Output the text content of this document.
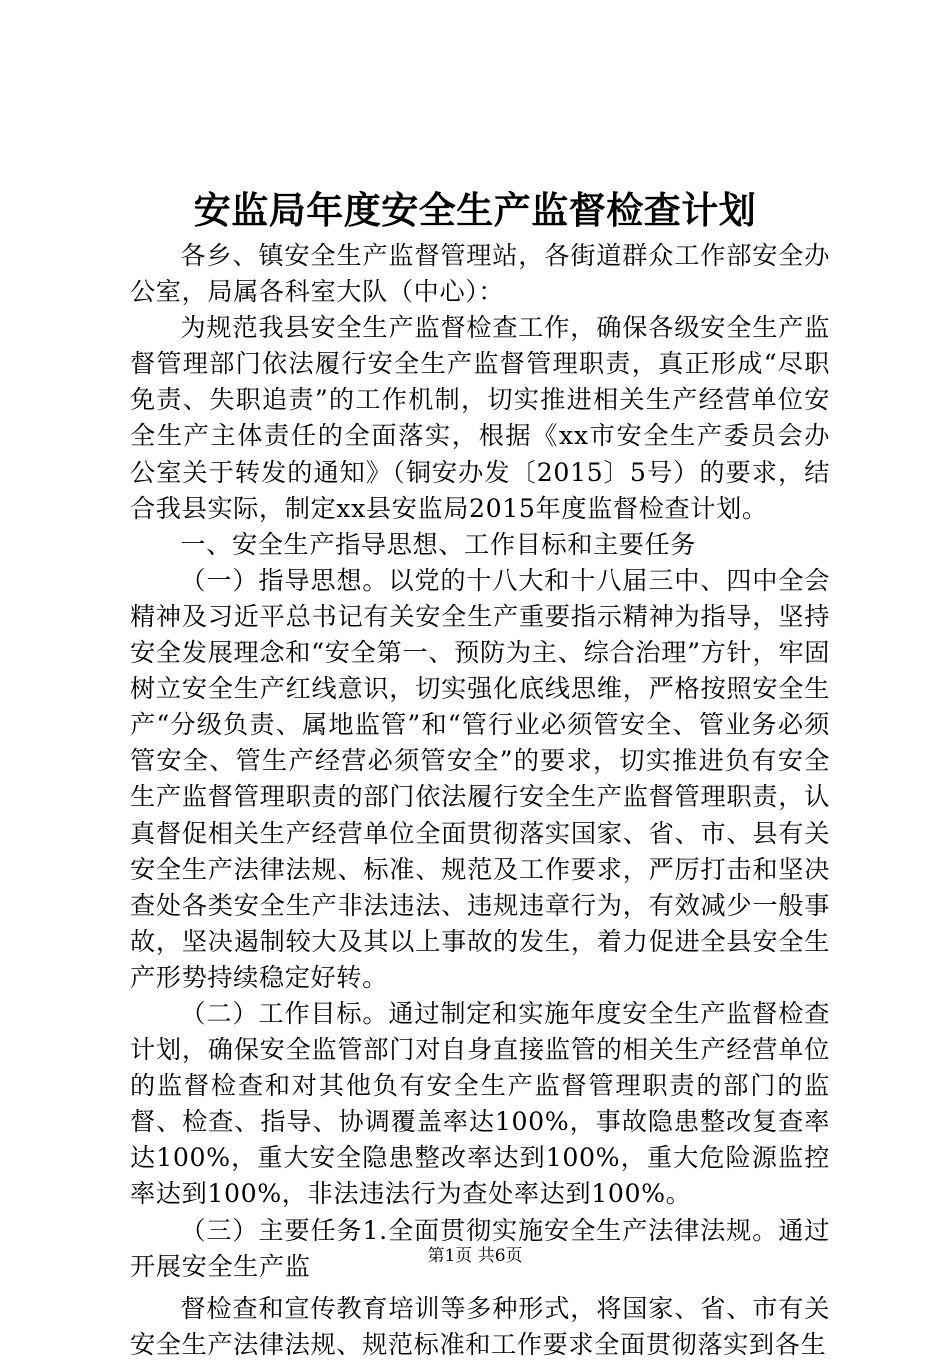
安监局年度安全生产监督检查计划

各乡、镇安全生产监督管理站，各街道群众工作部安全办公室，局属各科室大队（中心）：

为规范我县安全生产监督检查工作，确保各级安全生产监督管理部门依法履行安全生产监督管理职责，真正形成“尽职免责、失职追责”的工作机制，切实推进相关生产经营单位安全生产主体责任的全面落实，根据《xx市安全生产委员会办公室关于转发的通知》（铜安办发〔2015〕5号）的要求，结合我县实际，制定xx县安监局2015年度监督检查计划。

一、安全生产指导思想、工作目标和主要任务

（一）指导思想。以党的十八大和十八届三中、四中全会精神及习近平总书记有关安全生产重要指示精神为指导，坚持安全发展理念和“安全第一、预防为主、综合治理”方针，牢固树立安全生产红线意识，切实强化底线思维，严格按照安全生产“分级负责、属地监管”和“管行业必须管安全、管业务必须管安全、管生产经营必须管安全”的要求，切实推进负有安全生产监督管理职责的部门依法履行安全生产监督管理职责，认真督促相关生产经营单位全面贯彻落实国家、省、市、县有关安全生产法律法规、标准、规范及工作要求，严厉打击和坚决查处各类安全生产非法违法、违规违章行为，有效减少一般事故，坚决遏制较大及其以上事故的发生，着力促进全县安全生产形势持续稳定好转。

（二）工作目标。通过制定和实施年度安全生产监督检查计划，确保安全监管部门对自身直接监管的相关生产经营单位的监督检查和对其他负有安全生产监督管理职责的部门的监督、检查、指导、协调覆盖率达100%，事故隐患整改复查率达100%，重大安全隐患整改率达到100%，重大危险源监控率达到100%，非法违法行为查处率达到100%。

（三）主要任务1.全面贯彻实施安全生产法律法规。通过开展安全生产监

督检查和宣传教育培训等多种形式，将国家、省、市有关安全生产法律法规、规范标准和工作要求全面贯彻落实到各生

第1页 共6页
